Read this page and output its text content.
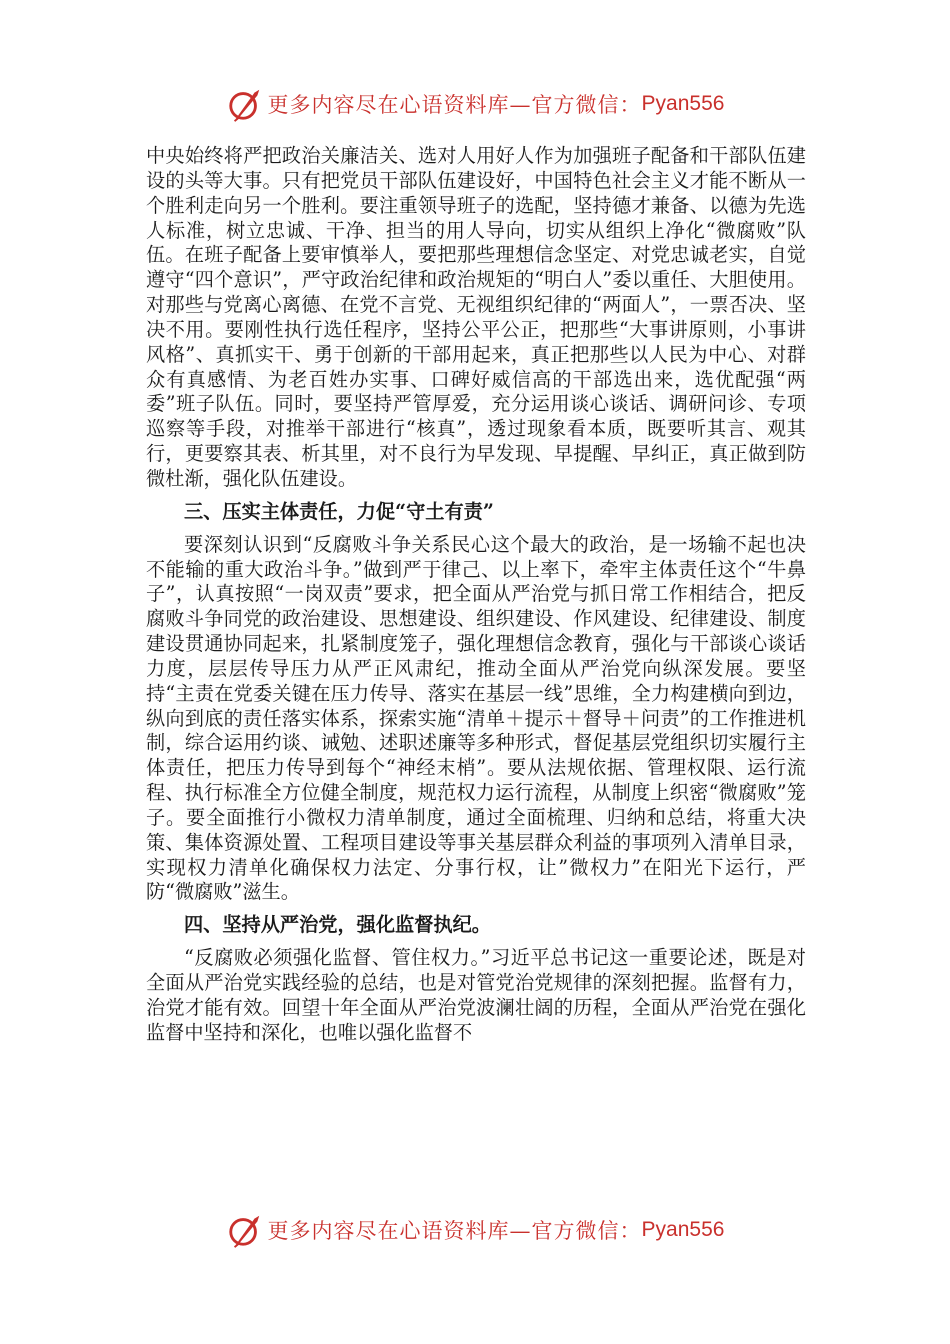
更多内容尽在心语资料库—官方微信： Pyan556

中央始终将严把政治关廉洁关、选对人用好人作为加强班子配备和干部队伍建设的头等大事。只有把党员干部队伍建设好，中国特色社会主义才能不断从一个胜利走向另一个胜利。要注重领导班子的选配，坚持德才兼备、以德为先选人标准，树立忠诚、干净、担当的用人导向，切实从组织上净化“微腐败”队伍。在班子配备上要审慎举人，要把那些理想信念坚定、对党忠诚老实，自觉遵守“四个意识”，严守政治纪律和政治规矩的“明白人”委以重任、大胆使用。对那些与党离心离德、在党不言党、无视组织纪律的“两面人”，一票否决、坚决不用。要刚性执行选任程序，坚持公平公正，把那些“大事讲原则，小事讲风格”、真抓实干、勇于创新的干部用起来，真正把那些以人民为中心、对群众有真感情、为老百姓办实事、口碑好威信高的干部选出来，选优配强“两委”班子队伍。同时，要坚持严管厚爱，充分运用谈心谈话、调研问诊、专项巡察等手段，对推举干部进行“核真”，透过现象看本质，既要听其言、观其行，更要察其表、析其里，对不良行为早发现、早提醒、早纠正，真正做到防微杜渐，强化队伍建设。

三、压实主体责任，力促“守土有责”

要深刻认识到“反腐败斗争关系民心这个最大的政治，是一场输不起也决不能输的重大政治斗争。”做到严于律己、以上率下，牵牢主体责任这个“牛鼻子”，认真按照“一岗双责”要求，把全面从严治党与抓日常工作相结合，把反腐败斗争同党的政治建设、思想建设、组织建设、作风建设、纪律建设、制度建设贯通协同起来，扎紧制度笼子，强化理想信念教育，强化与干部谈心谈话力度，层层传导压力从严正风肃纪，推动全面从严治党向纵深发展。要坚持“主责在党委关键在压力传导、落实在基层一线”思维，全力构建横向到边，纵向到底的责任落实体系，探索实施“清单＋提示＋督导＋问责”的工作推进机制，综合运用约谈、诫勉、述职述廉等多种形式，督促基层党组织切实履行主体责任，把压力传导到每个“神经末梢”。要从法规依据、管理权限、运行流程、执行标准全方位健全制度，规范权力运行流程，从制度上织密“微腐败”笼子。要全面推行小微权力清单制度，通过全面梳理、归纳和总结，将重大决策、集体资源处置、工程项目建设等事关基层群众利益的事项列入清单目录，实现权力清单化确保权力法定、分事行权，让”微权力”在阳光下运行，严防“微腐败”滋生。

四、坚持从严治党，强化监督执纪。

“反腐败必须强化监督、管住权力。”习近平总书记这一重要论述，既是对全面从严治党实践经验的总结，也是对管党治党规律的深刻把握。监督有力，治党才能有效。回望十年全面从严治党波澜壮阔的历程，全面从严治党在强化监督中坚持和深化，也唯以强化监督不

更多内容尽在心语资料库—官方微信： Pyan556
